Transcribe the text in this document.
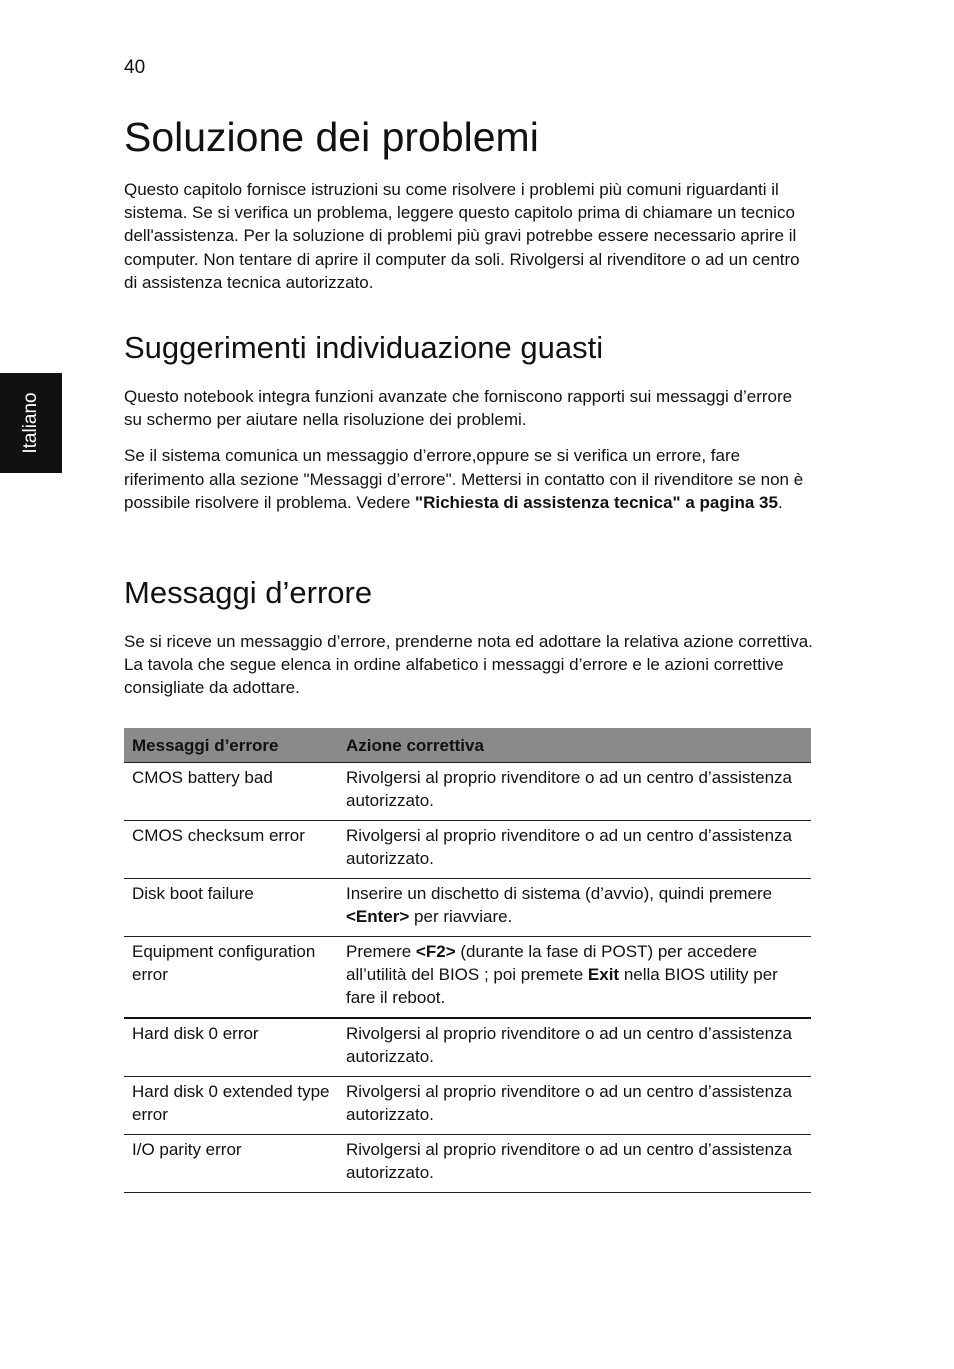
40
Italiano
Soluzione dei problemi

Questo capitolo fornisce istruzioni su come risolvere i problemi più comuni riguardanti il sistema. Se si verifica un problema, leggere questo capitolo prima di chiamare un tecnico dell'assistenza. Per la soluzione di problemi più gravi potrebbe essere necessario aprire il computer. Non tentare di aprire il computer da soli. Rivolgersi al rivenditore o ad un centro di assistenza tecnica autorizzato.

Suggerimenti individuazione guasti

Questo notebook integra funzioni avanzate che forniscono rapporti sui messaggi d’errore su schermo per aiutare nella risoluzione dei problemi.

Se il sistema comunica un messaggio d’errore,oppure se si verifica un errore, fare riferimento alla sezione "Messaggi d’errore". Mettersi in contatto con il rivenditore se non è possibile risolvere il problema. Vedere "Richiesta di assistenza tecnica" a pagina 35.

Messaggi d’errore

Se si riceve un messaggio d’errore, prenderne nota ed adottare la relativa azione correttiva. La tavola che segue elenca in ordine alfabetico i messaggi d’errore e le azioni correttive consigliate da adottare.

Messaggi d’errore	Azione correttiva
CMOS battery bad	Rivolgersi al proprio rivenditore o ad un centro d’assistenza autorizzato.
CMOS checksum error	Rivolgersi al proprio rivenditore o ad un centro d’assistenza autorizzato.
Disk boot failure	Inserire un dischetto di sistema (d’avvio), quindi premere <Enter> per riavviare.
Equipment configuration error	Premere <F2> (durante la fase di POST) per accedere all’utilità del BIOS ; poi premete Exit nella BIOS utility per fare il reboot.
Hard disk 0 error	Rivolgersi al proprio rivenditore o ad un centro d’assistenza autorizzato.
Hard disk 0 extended type error	Rivolgersi al proprio rivenditore o ad un centro d’assistenza autorizzato.
I/O parity error	Rivolgersi al proprio rivenditore o ad un centro d’assistenza autorizzato.
